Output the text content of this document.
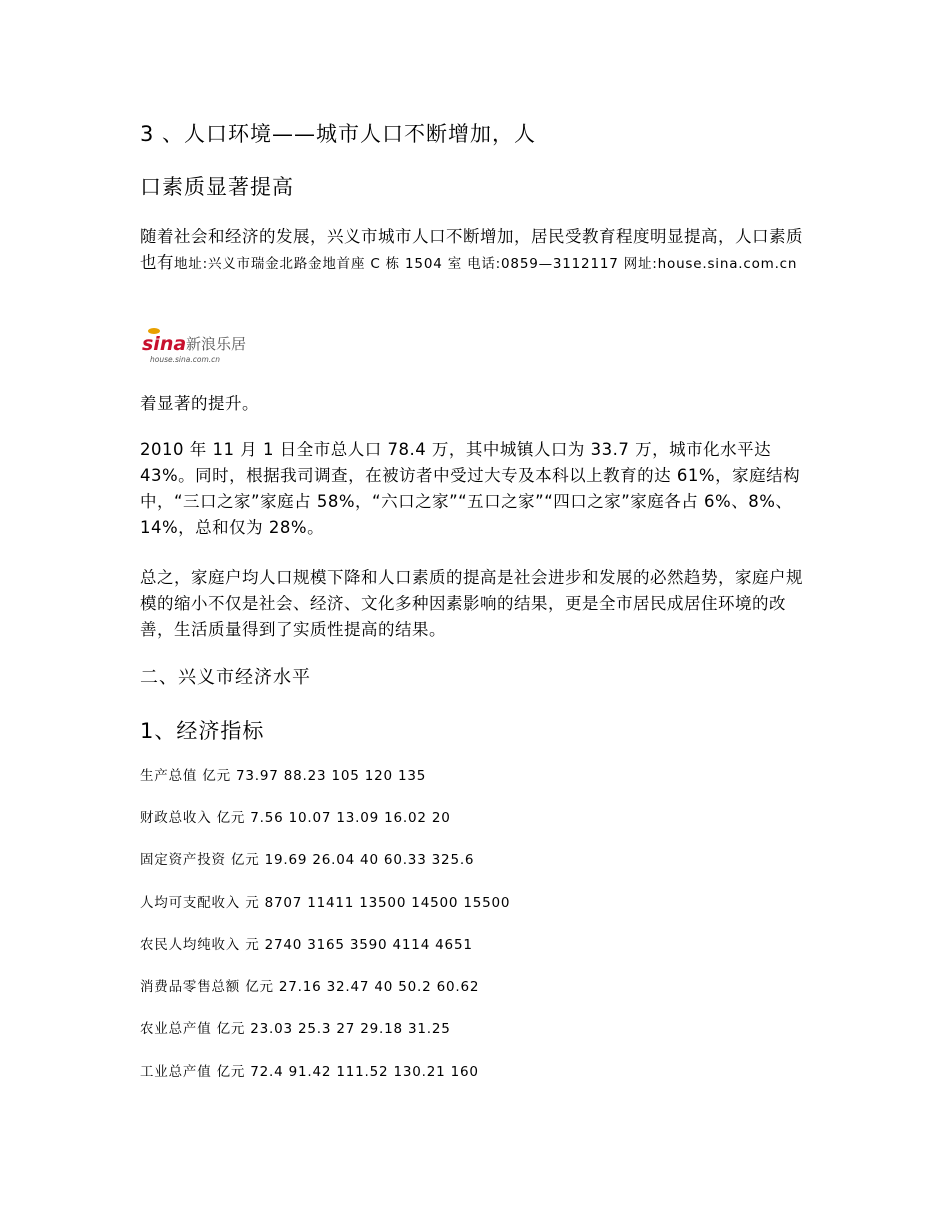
3 、人口环境——城市人口不断增加，人
口素质显著提高
随着社会和经济的发展，兴义市城市人口不断增加，居民受教育程度明显提高，人口素质也有地址:兴义市瑞金北路金地首座 C 栋 1504 室 电话:0859—3112117 网址:house.sina.com.cn
sina 新浪乐居
house.sina.com.cn
着显著的提升。
2010 年 11 月 1 日全市总人口 78.4 万，其中城镇人口为 33.7 万，城市化水平达 43%。同时，根据我司调查，在被访者中受过大专及本科以上教育的达 61%，家庭结构中，“三口之家”家庭占 58%，“六口之家”“五口之家”“四口之家”家庭各占 6%、8%、14%，总和仅为 28%。
总之，家庭户均人口规模下降和人口素质的提高是社会进步和发展的必然趋势，家庭户规模的缩小不仅是社会、经济、文化多种因素影响的结果，更是全市居民成居住环境的改善，生活质量得到了实质性提高的结果。
二、兴义市经济水平
1、经济指标
生产总值 亿元 73.97 88.23 105 120 135
财政总收入 亿元 7.56 10.07 13.09 16.02 20
固定资产投资 亿元 19.69 26.04 40 60.33 325.6
人均可支配收入 元 8707 11411 13500 14500 15500
农民人均纯收入 元 2740 3165 3590 4114 4651
消费品零售总额 亿元 27.16 32.47 40 50.2 60.62
农业总产值 亿元 23.03 25.3 27 29.18 31.25
工业总产值 亿元 72.4 91.42 111.52 130.21 160
